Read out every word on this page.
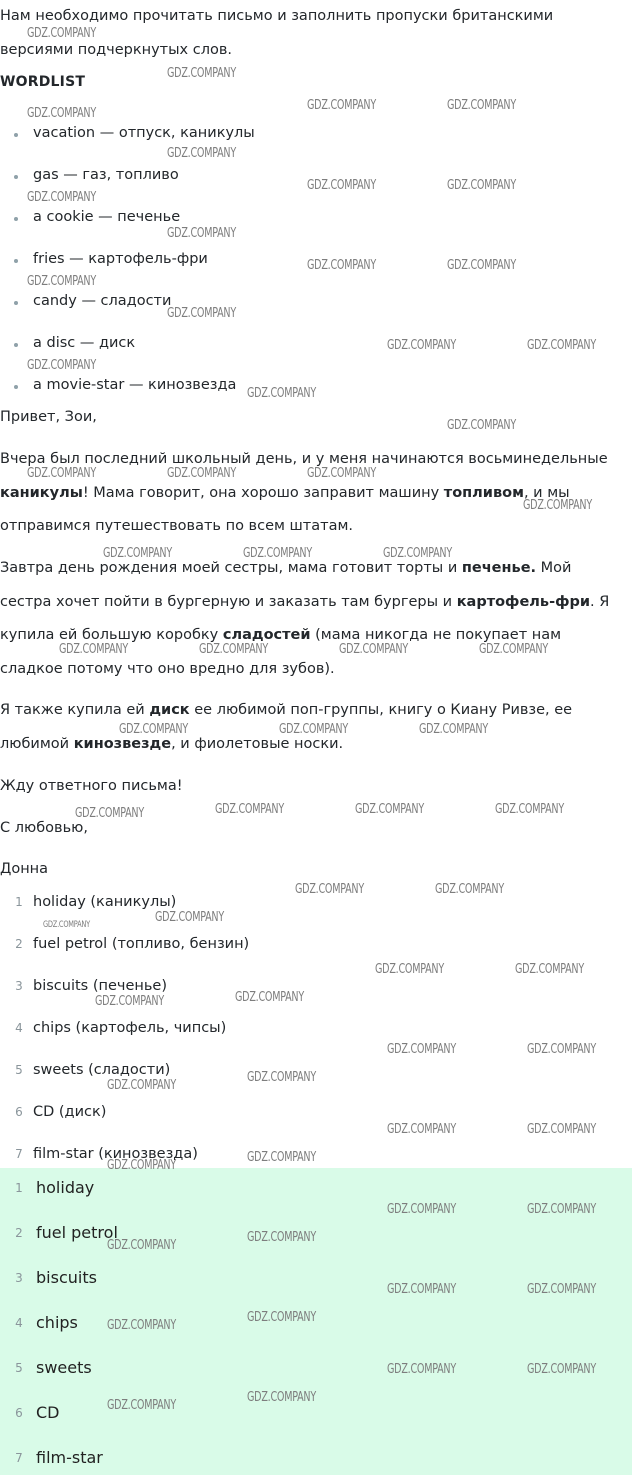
Нам необходимо прочитать письмо и заполнить пропуски британскими
версиями подчеркнутых слов.
WORDLIST
vacation — отпуск, каникулы
gas — газ, топливо
a cookie — печенье
fries — картофель-фри
candy — сладости
a disc — диск
a movie-star — кинозвезда
Привет, Зои,
Вчера был последний школьный день, и у меня начинаются восьминедельные
каникулы! Мама говорит, она хорошо заправит машину топливом, и мы
отправимся путешествовать по всем штатам.
Завтра день рождения моей сестры, мама готовит торты и печенье. Мой
сестра хочет пойти в бургерную и заказать там бургеры и картофель-фри. Я
купила ей большую коробку сладостей (мама никогда не покупает нам
сладкое потому что оно вредно для зубов).
Я также купила ей диск ее любимой поп-группы, книгу о Киану Ривзе, ее
любимой кинозвезде, и фиолетовые носки.
Жду ответного письма!
С любовью,
Донна
1 holiday (каникулы)
2 fuel petrol (топливо, бензин)
3 biscuits (печенье)
4 chips (картофель, чипсы)
5 sweets (сладости)
6 CD (диск)
7 film-star (кинозвезда)
1 holiday
2 fuel petrol
3 biscuits
4 chips
5 sweets
6 CD
7 film-star
GDZ.COMPANY
GDZ.COMPANY
GDZ.COMPANY
GDZ.COMPANY	GDZ.COMPANY
GDZ.COMPANY
GDZ.COMPANY
GDZ.COMPANY	GDZ.COMPANY
GDZ.COMPANY
GDZ.COMPANY
GDZ.COMPANY	GDZ.COMPANY
GDZ.COMPANY
GDZ.COMPANY	GDZ.COMPANY
GDZ.COMPANY
GDZ.COMPANY
GDZ.COMPANY
GDZ.COMPANY	GDZ.COMPANY	GDZ.COMPANY
GDZ.COMPANY
GDZ.COMPANY	GDZ.COMPANY	GDZ.COMPANY
GDZ.COMPANY	GDZ.COMPANY	GDZ.COMPANY	GDZ.COMPANY
GDZ.COMPANY	GDZ.COMPANY	GDZ.COMPANY
GDZ.COMPANY	GDZ.COMPANY	GDZ.COMPANY	GDZ.COMPANY
GDZ.COMPANY	GDZ.COMPANY
GDZ.COMPANY	GDZ.COMPANY
GDZ.COMPANY	GDZ.COMPANY
GDZ.COMPANY	GDZ.COMPANY
GDZ.COMPANY	GDZ.COMPANY
GDZ.COMPANY
GDZ.COMPANY
GDZ.COMPANY	GDZ.COMPANY
GDZ.COMPANY
GDZ.COMPANY
GDZ.COMPANY	GDZ.COMPANY
GDZ.COMPANY
GDZ.COMPANY
GDZ.COMPANY	GDZ.COMPANY
GDZ.COMPANY
GDZ.COMPANY
GDZ.COMPANY	GDZ.COMPANY
GDZ.COMPANY
GDZ.COMPANY
